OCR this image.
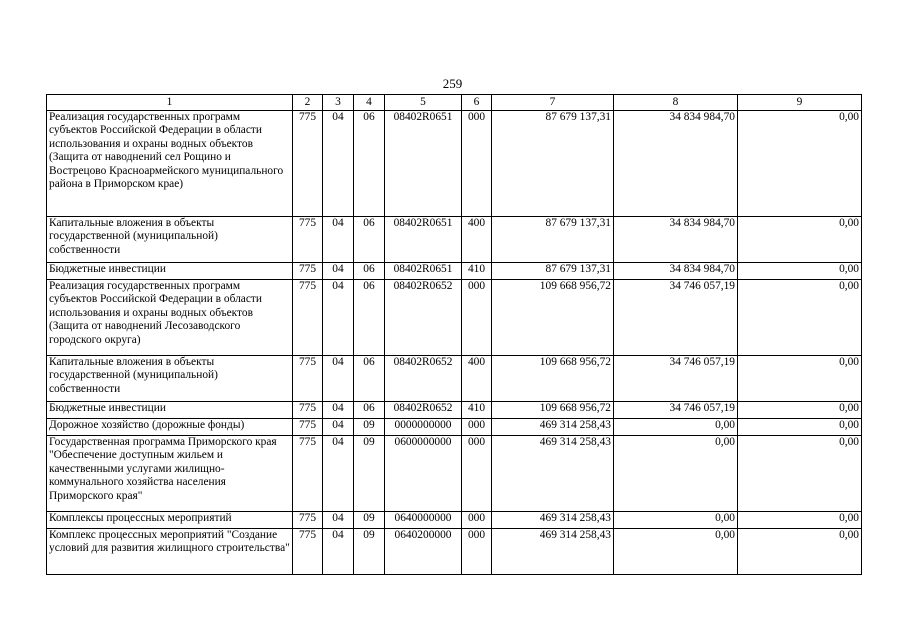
259
1	2	3	4	5	6	7	8	9
Реализация государственных программ субъектов Российской Федерации в области использования и охраны водных объектов (Защита от наводнений сел Рощино и Вострецово Красноармейского муниципального района в Приморском крае)	775	04	06	08402R0651	000	87 679 137,31	34 834 984,70	0,00
Капитальные вложения в объекты государственной (муниципальной) собственности	775	04	06	08402R0651	400	87 679 137,31	34 834 984,70	0,00
Бюджетные инвестиции	775	04	06	08402R0651	410	87 679 137,31	34 834 984,70	0,00
Реализация государственных программ субъектов Российской Федерации в области использования и охраны водных объектов (Защита от наводнений Лесозаводского городского округа)	775	04	06	08402R0652	000	109 668 956,72	34 746 057,19	0,00
Капитальные вложения в объекты государственной (муниципальной) собственности	775	04	06	08402R0652	400	109 668 956,72	34 746 057,19	0,00
Бюджетные инвестиции	775	04	06	08402R0652	410	109 668 956,72	34 746 057,19	0,00
Дорожное хозяйство (дорожные фонды)	775	04	09	0000000000	000	469 314 258,43	0,00	0,00
Государственная программа Приморского края "Обеспечение доступным жильем и качественными услугами жилищно-коммунального хозяйства населения Приморского края"	775	04	09	0600000000	000	469 314 258,43	0,00	0,00
Комплексы процессных мероприятий	775	04	09	0640000000	000	469 314 258,43	0,00	0,00
Комплекс процессных мероприятий "Создание условий для развития жилищного строительства"	775	04	09	0640200000	000	469 314 258,43	0,00	0,00
